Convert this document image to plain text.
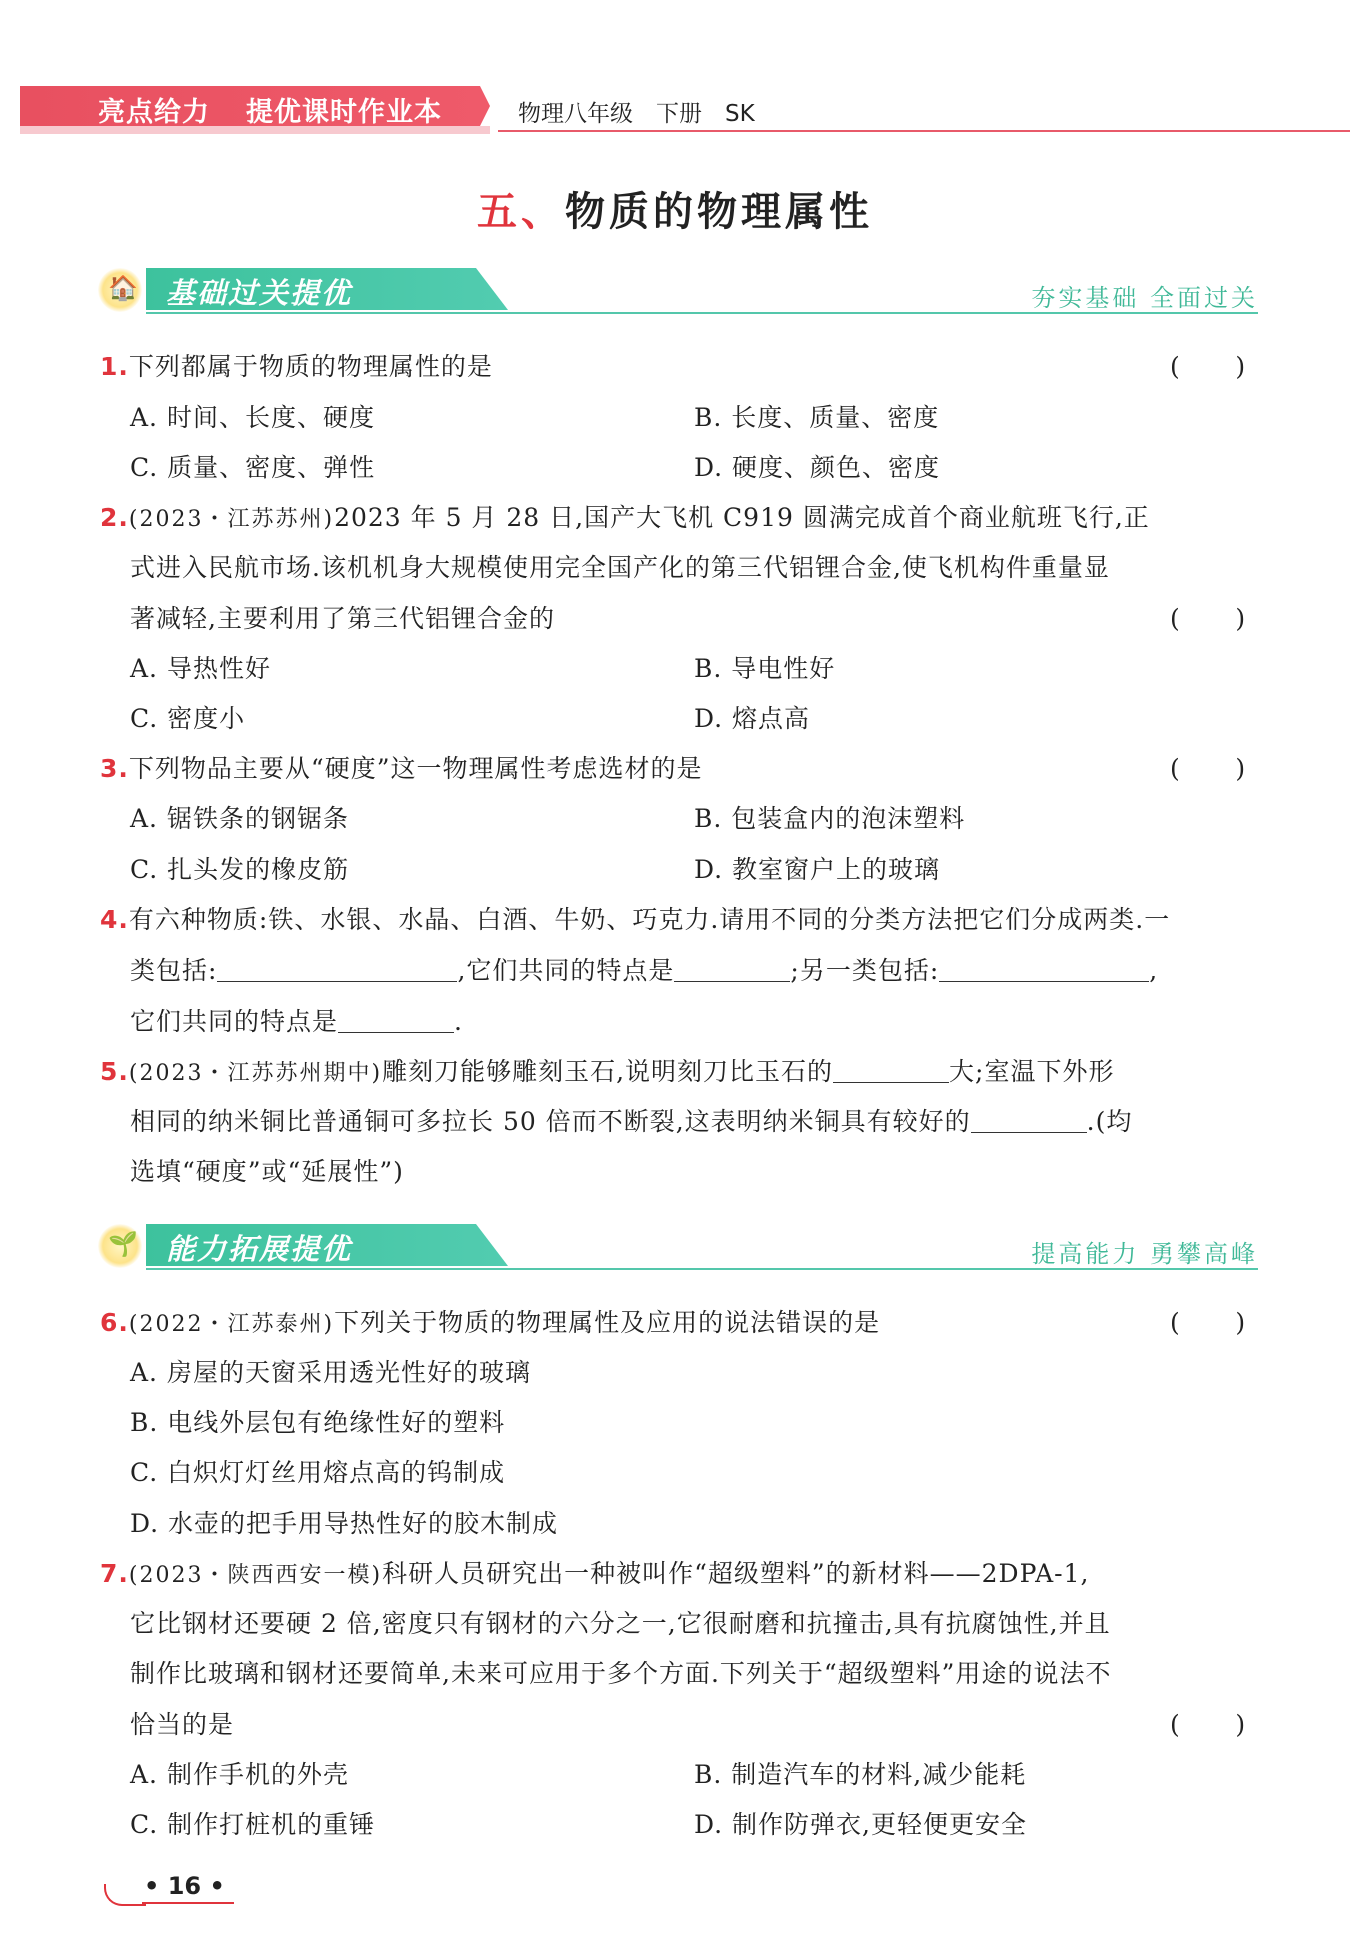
亮点给力 提优课时作业本	物理八年级　下册　SK
五、物质的物理属性
🏠 基础过关提优	夯实基础 全面过关
1.下列都属于物质的物理属性的是	(       )
A. 时间、长度、硬度	B. 长度、质量、密度
C. 质量、密度、弹性	D. 硬度、颜色、密度
2.(2023・江苏苏州)2023 年 5 月 28 日,国产大飞机 C919 圆满完成首个商业航班飞行,正
式进入民航市场.该机机身大规模使用完全国产化的第三代铝锂合金,使飞机构件重量显
著减轻,主要利用了第三代铝锂合金的	(       )
A. 导热性好	B. 导电性好
C. 密度小	D. 熔点高
3.下列物品主要从“硬度”这一物理属性考虑选材的是	(       )
A. 锯铁条的钢锯条	B. 包装盒内的泡沫塑料
C. 扎头发的橡皮筋	D. 教室窗户上的玻璃
4.有六种物质:铁、水银、水晶、白酒、牛奶、巧克力.请用不同的分类方法把它们分成两类.一
类包括:	,它们共同的特点是	;另一类包括:	,
它们共同的特点是	.
5.(2023・江苏苏州期中)雕刻刀能够雕刻玉石,说明刻刀比玉石的	大;室温下外形
相同的纳米铜比普通铜可多拉长 50 倍而不断裂,这表明纳米铜具有较好的	.(均
选填“硬度”或“延展性”)
🌱 能力拓展提优	提高能力 勇攀高峰
6.(2022・江苏泰州)下列关于物质的物理属性及应用的说法错误的是	(       )
A. 房屋的天窗采用透光性好的玻璃
B. 电线外层包有绝缘性好的塑料
C. 白炽灯灯丝用熔点高的钨制成
D. 水壶的把手用导热性好的胶木制成
7.(2023・陕西西安一模)科研人员研究出一种被叫作“超级塑料”的新材料——2DPA-1,
它比钢材还要硬 2 倍,密度只有钢材的六分之一,它很耐磨和抗撞击,具有抗腐蚀性,并且
制作比玻璃和钢材还要简单,未来可应用于多个方面.下列关于“超级塑料”用途的说法不
恰当的是	(       )
A. 制作手机的外壳	B. 制造汽车的材料,减少能耗
C. 制作打桩机的重锤	D. 制作防弹衣,更轻便更安全
• 16 •
